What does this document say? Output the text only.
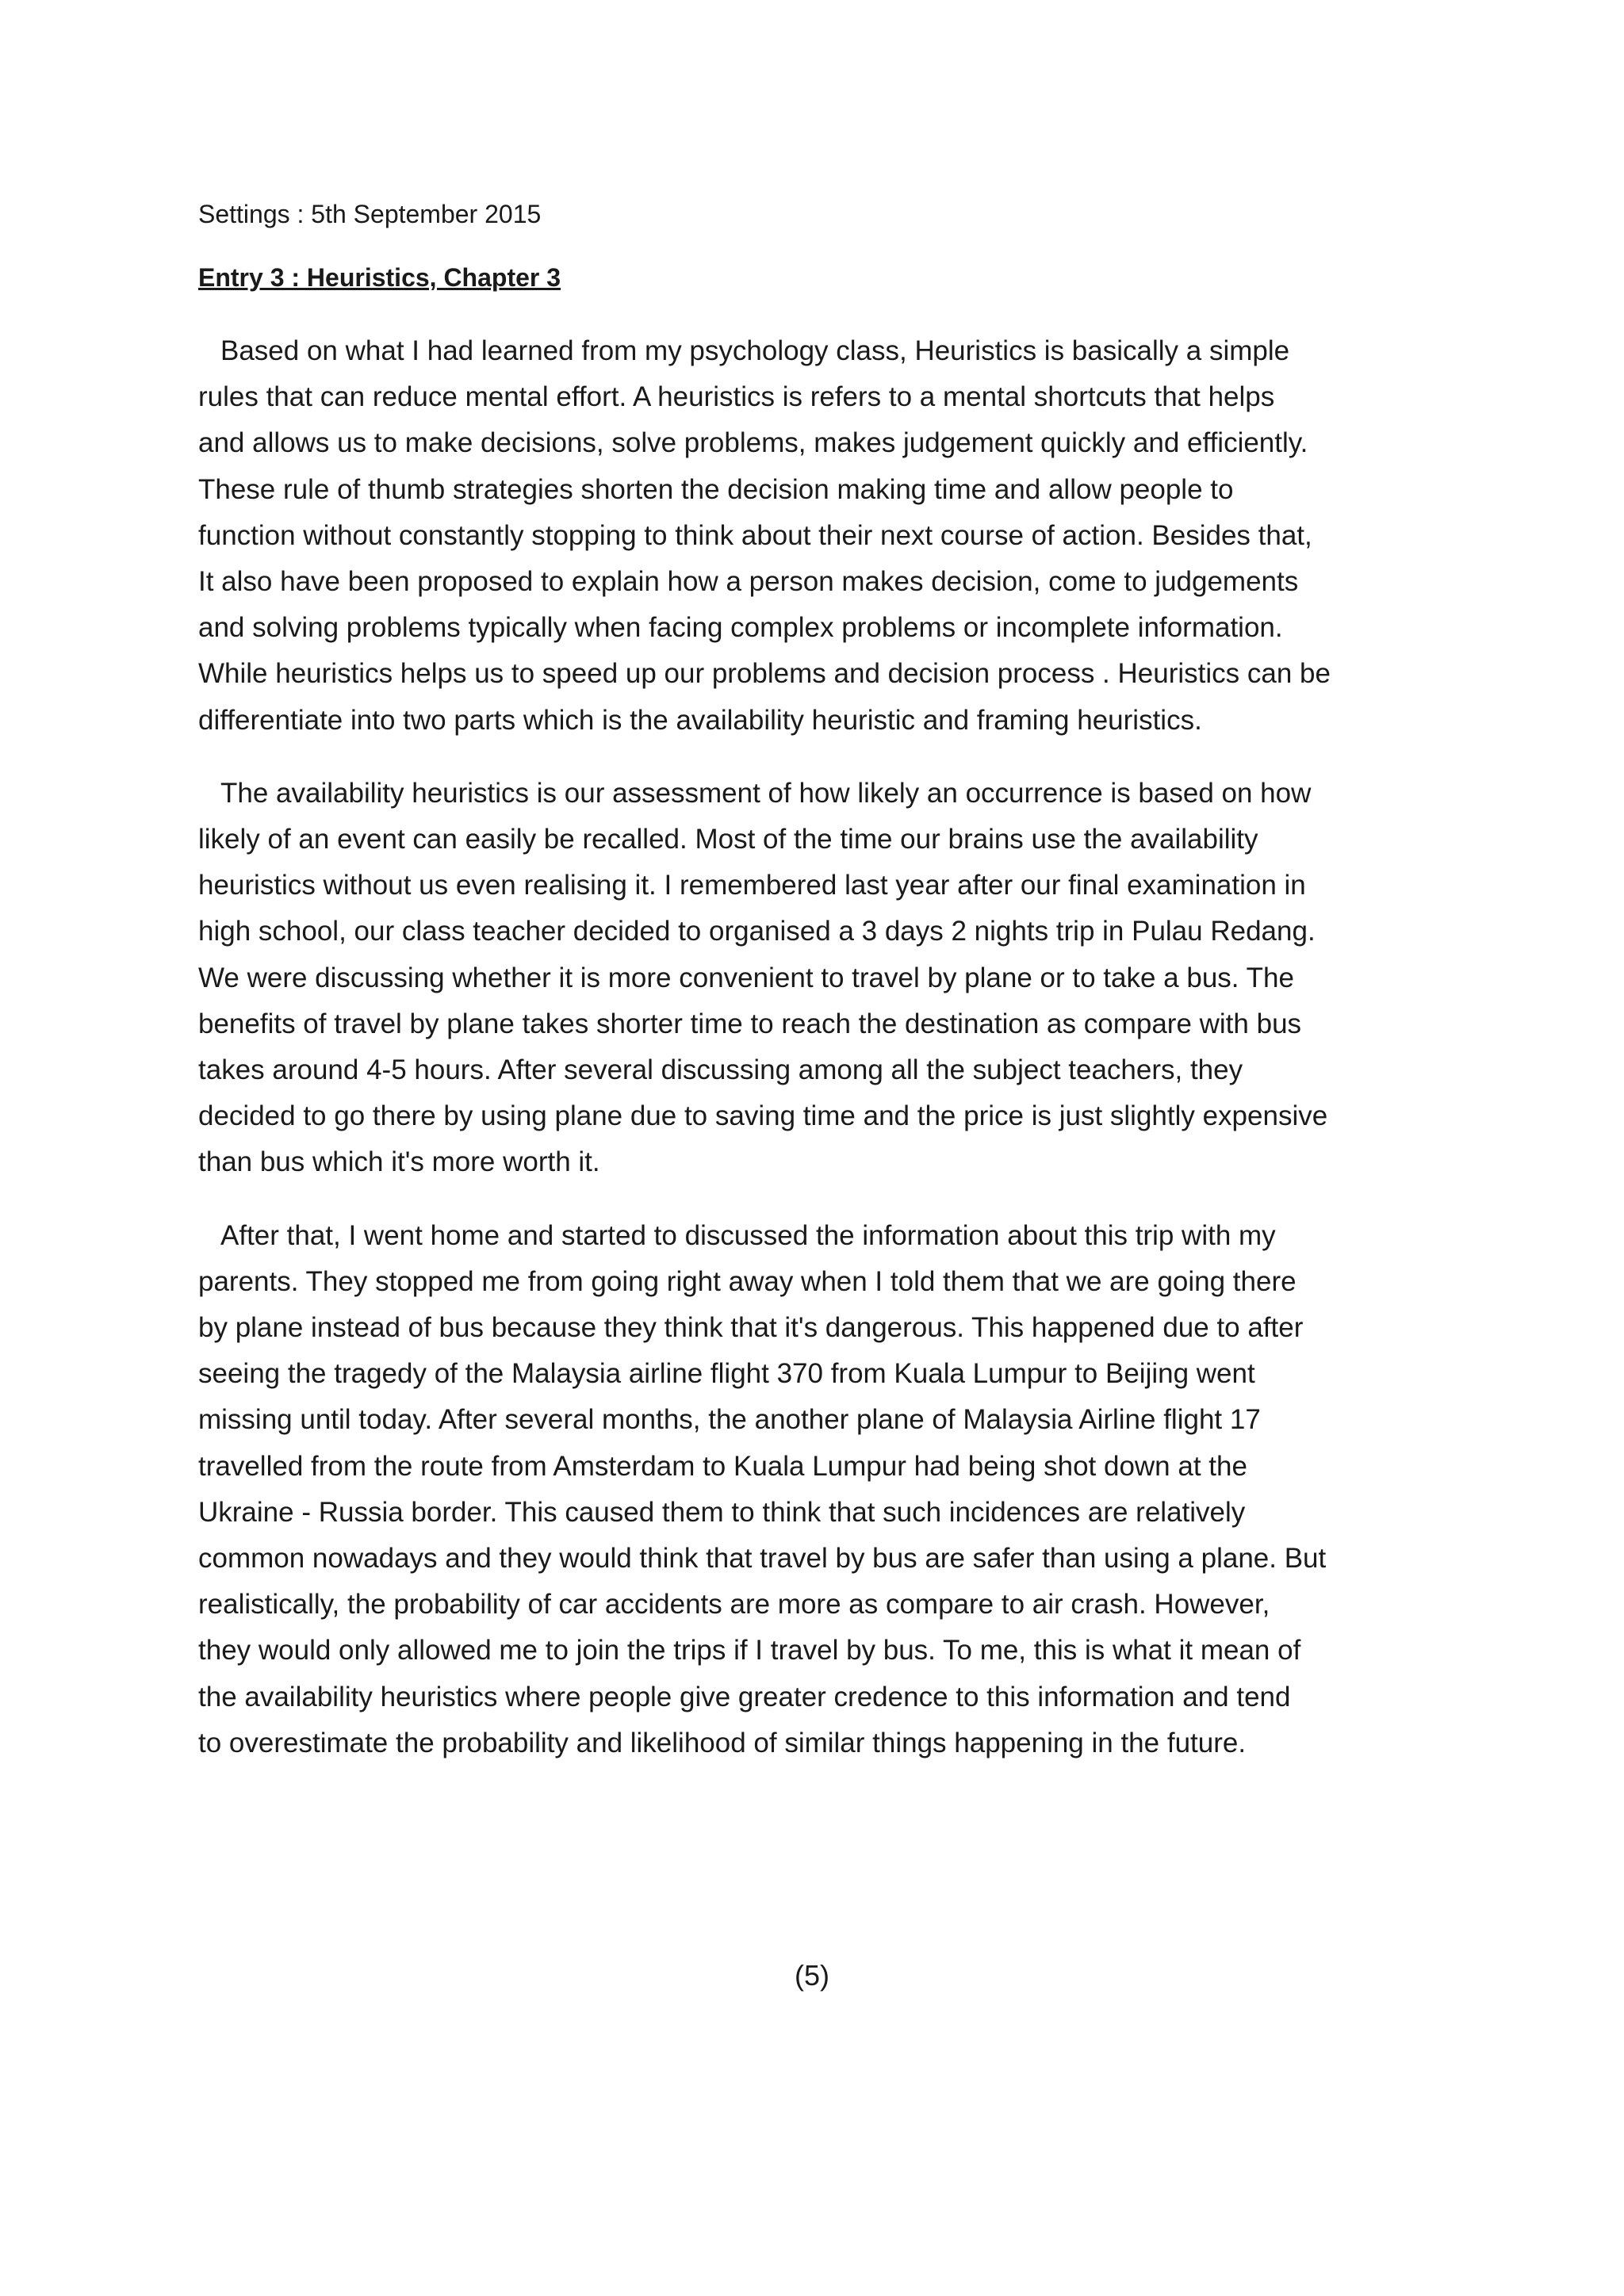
Settings : 5th September 2015
Entry 3 : Heuristics, Chapter 3
Based on what I had learned from my psychology class, Heuristics is basically a simple
rules that can reduce mental effort. A heuristics is refers to a mental shortcuts that helps
and allows us to make decisions, solve problems, makes judgement quickly and efficiently.
These rule of thumb strategies shorten the decision making time and allow people to
function without constantly stopping to think about their next course of action. Besides that,
It also have been proposed to explain how a person makes decision, come to judgements
and solving problems typically when facing complex problems or incomplete information.
While heuristics helps us to speed up our problems and decision process . Heuristics can be
differentiate into two parts which is the availability heuristic and framing heuristics.
The availability heuristics is our assessment of how likely an occurrence is based on how
likely of an event can easily be recalled. Most of the time our brains use the availability
heuristics without us even realising it. I remembered last year after our final examination in
high school, our class teacher decided to organised a 3 days 2 nights trip in Pulau Redang.
We were discussing whether it is more convenient to travel by plane or to take a bus. The
benefits of travel by plane takes shorter time to reach the destination as compare with bus
takes around 4-5 hours. After several discussing among all the subject teachers, they
decided to go there by using plane due to saving time and the price is just slightly expensive
than bus which it's more worth it.
After that, I went home and started to discussed the information about this trip with my
parents. They stopped me from going right away when I told them that we are going there
by plane instead of bus because they think that it's dangerous. This happened due to after
seeing the tragedy of the Malaysia airline flight 370 from Kuala Lumpur to Beijing went
missing until today. After several months, the another plane of Malaysia Airline flight 17
travelled from the route from Amsterdam to Kuala Lumpur had being shot down at the
Ukraine - Russia border. This caused them to think that such incidences are relatively
common nowadays and they would think that travel by bus are safer than using a plane. But
realistically, the probability of car accidents are more as compare to air crash. However,
they would only allowed me to join the trips if I travel by bus. To me, this is what it mean of
the availability heuristics where people give greater credence to this information and tend
to overestimate the probability and likelihood of similar things happening in the future.
(5)
